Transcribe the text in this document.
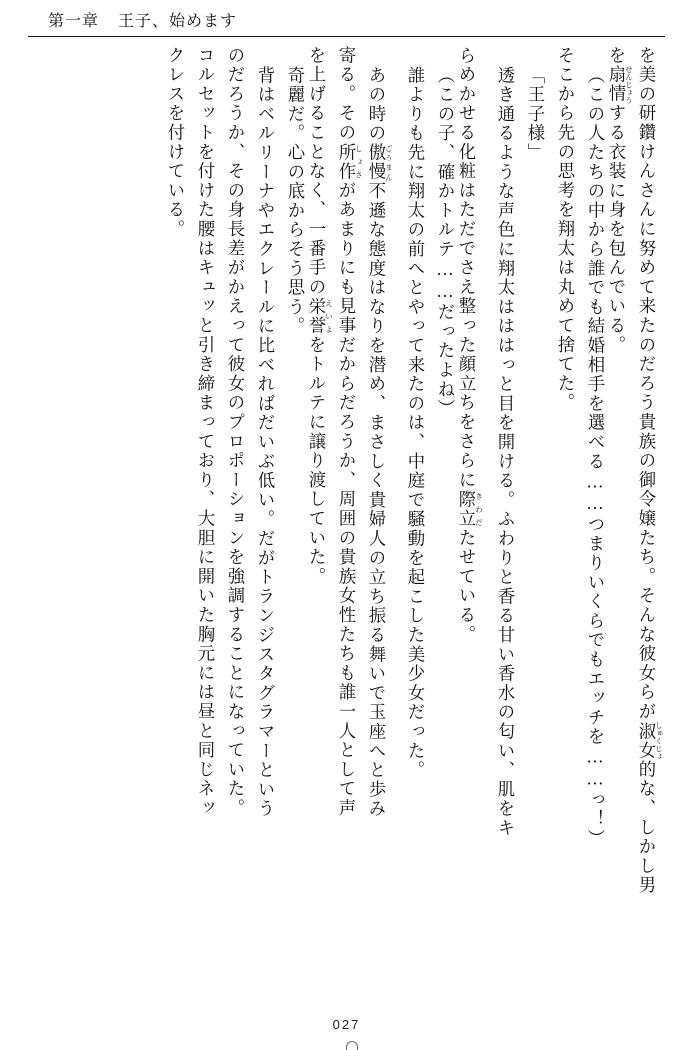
第一章 王子、始めます
を美の研鑽けんさんに努めて来たのだろう貴族の御令嬢たち。そんな彼女らが淑女しゅくじょ的な、しかし男
を扇情せんじょうする衣装に身を包んでいる。
（この人たちの中から誰でも結婚相手を選べる……つまりいくらでもエッチを……っ！）
そこから先の思考を翔太は丸めて捨てた。
「王子様」
透き通るような声色に翔太はははっと目を開ける。ふわりと香る甘い香水の匂い、肌をキ
らめかせる化粧はただでさえ整った顔立ちをさらに際立きわだたせている。
（この子、確かトルテ……だったよね）
誰よりも先に翔太の前へとやって来たのは、中庭で騒動を起こした美少女だった。
あの時の傲慢ごうまん不遜な態度はなりを潜め、まさしく貴婦人の立ち振る舞いで玉座へと歩み
寄る。その所作しょさがあまりにも見事だからだろうか、周囲の貴族女性たちも誰一人として声
を上げることなく、一番手の栄誉えいよをトルテに譲り渡していた。
奇麗だ。心の底からそう思う。
背はベルリーナやエクレールに比べればだいぶ低い。だがトランジスタグラマーという
のだろうか、その身長差がかえって彼女のプロポーションを強調することになっていた。
コルセットを付けた腰はキュッと引き締まっており、大胆に開いた胸元には昼と同じネッ
クレスを付けている。
027
